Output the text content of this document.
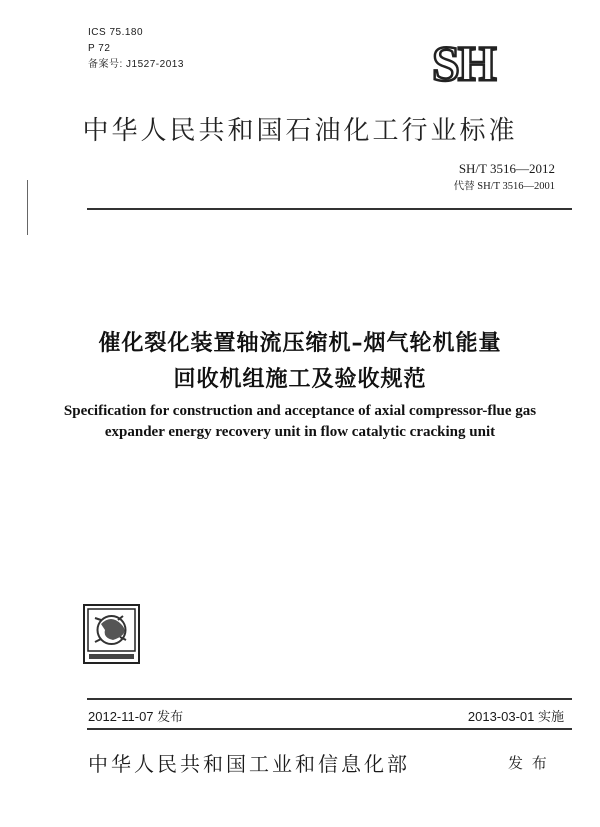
ICS 75.180
P 72
备案号: J1527-2013	SH
中华人民共和国石油化工行业标准
SH/T 3516—2012
代替 SH/T 3516—2001
催化裂化装置轴流压缩机–烟气轮机能量
回收机组施工及验收规范
Specification for construction and acceptance of axial compressor-flue gas
expander energy recovery unit in flow catalytic cracking unit
2012-11-07 发布	2013-03-01 实施
中华人民共和国工业和信息化部	发 布
